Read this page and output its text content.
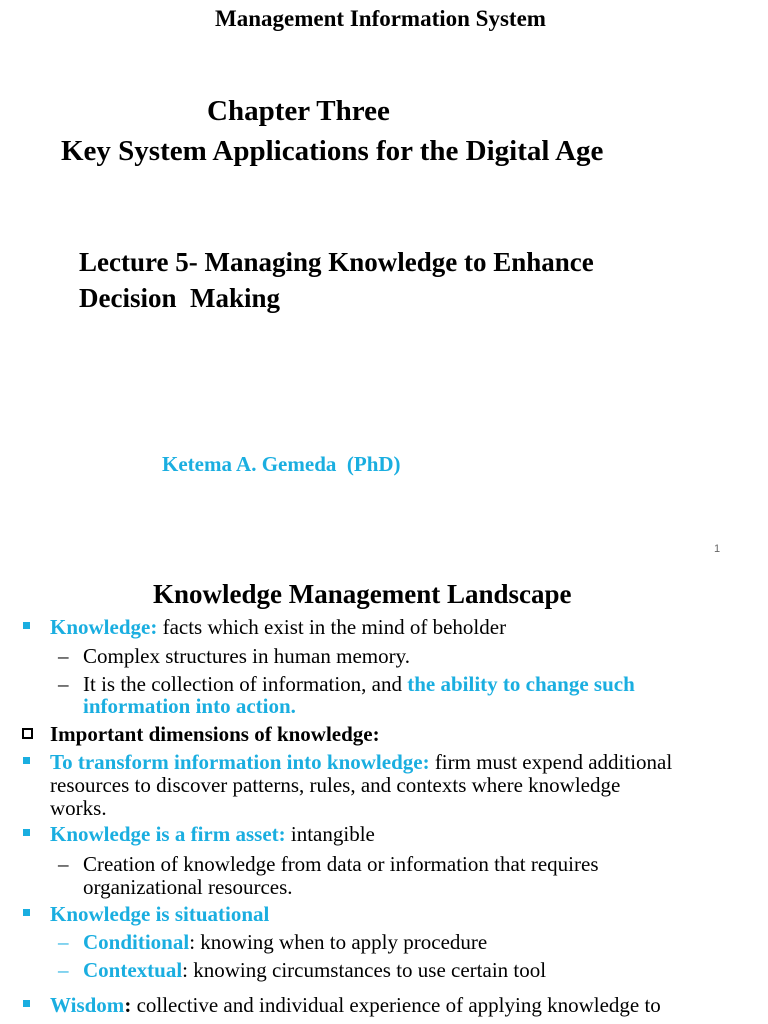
Management Information System
Chapter Three
Key System Applications for the Digital Age
Lecture 5- Managing Knowledge to Enhance
Decision  Making
Ketema A. Gemeda  (PhD)
1
Knowledge Management Landscape
Knowledge: facts which exist in the mind of beholder
– Complex structures in human memory.
– It is the collection of information, and the ability to change such
information into action.
Important dimensions of knowledge:
To transform information into knowledge: firm must expend additional
resources to discover patterns, rules, and contexts where knowledge
works.
Knowledge is a firm asset: intangible
– Creation of knowledge from data or information that requires
organizational resources.
Knowledge is situational
– Conditional: knowing when to apply procedure
– Contextual: knowing circumstances to use certain tool
Wisdom: collective and individual experience of applying knowledge to
